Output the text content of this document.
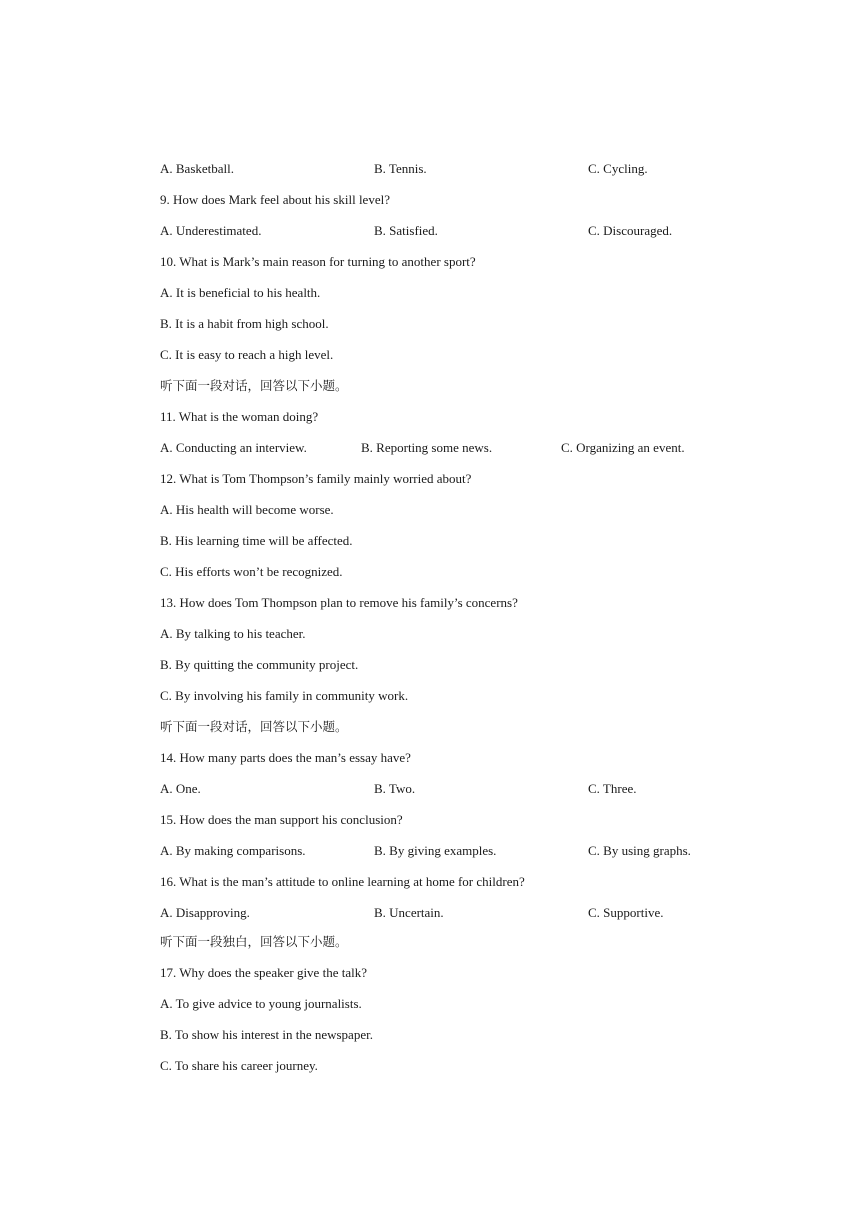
A. Basketball.	B. Tennis.	C. Cycling.
9. How does Mark feel about his skill level?
A. Underestimated.	B. Satisfied.	C. Discouraged.
10. What is Mark’s main reason for turning to another sport?
A. It is beneficial to his health.
B. It is a habit from high school.
C. It is easy to reach a high level.
听下面一段对话，回答以下小题。
11. What is the woman doing?
A. Conducting an interview.	B. Reporting some news.	C. Organizing an event.
12. What is Tom Thompson’s family mainly worried about?
A. His health will become worse.
B. His learning time will be affected.
C. His efforts won’t be recognized.
13. How does Tom Thompson plan to remove his family’s concerns?
A. By talking to his teacher.
B. By quitting the community project.
C. By involving his family in community work.
听下面一段对话，回答以下小题。
14. How many parts does the man’s essay have?
A. One.	B. Two.	C. Three.
15. How does the man support his conclusion?
A. By making comparisons.	B. By giving examples.	C. By using graphs.
16. What is the man’s attitude to online learning at home for children?
A. Disapproving.	B. Uncertain.	C. Supportive.
听下面一段独白，回答以下小题。
17. Why does the speaker give the talk?
A. To give advice to young journalists.
B. To show his interest in the newspaper.
C. To share his career journey.
